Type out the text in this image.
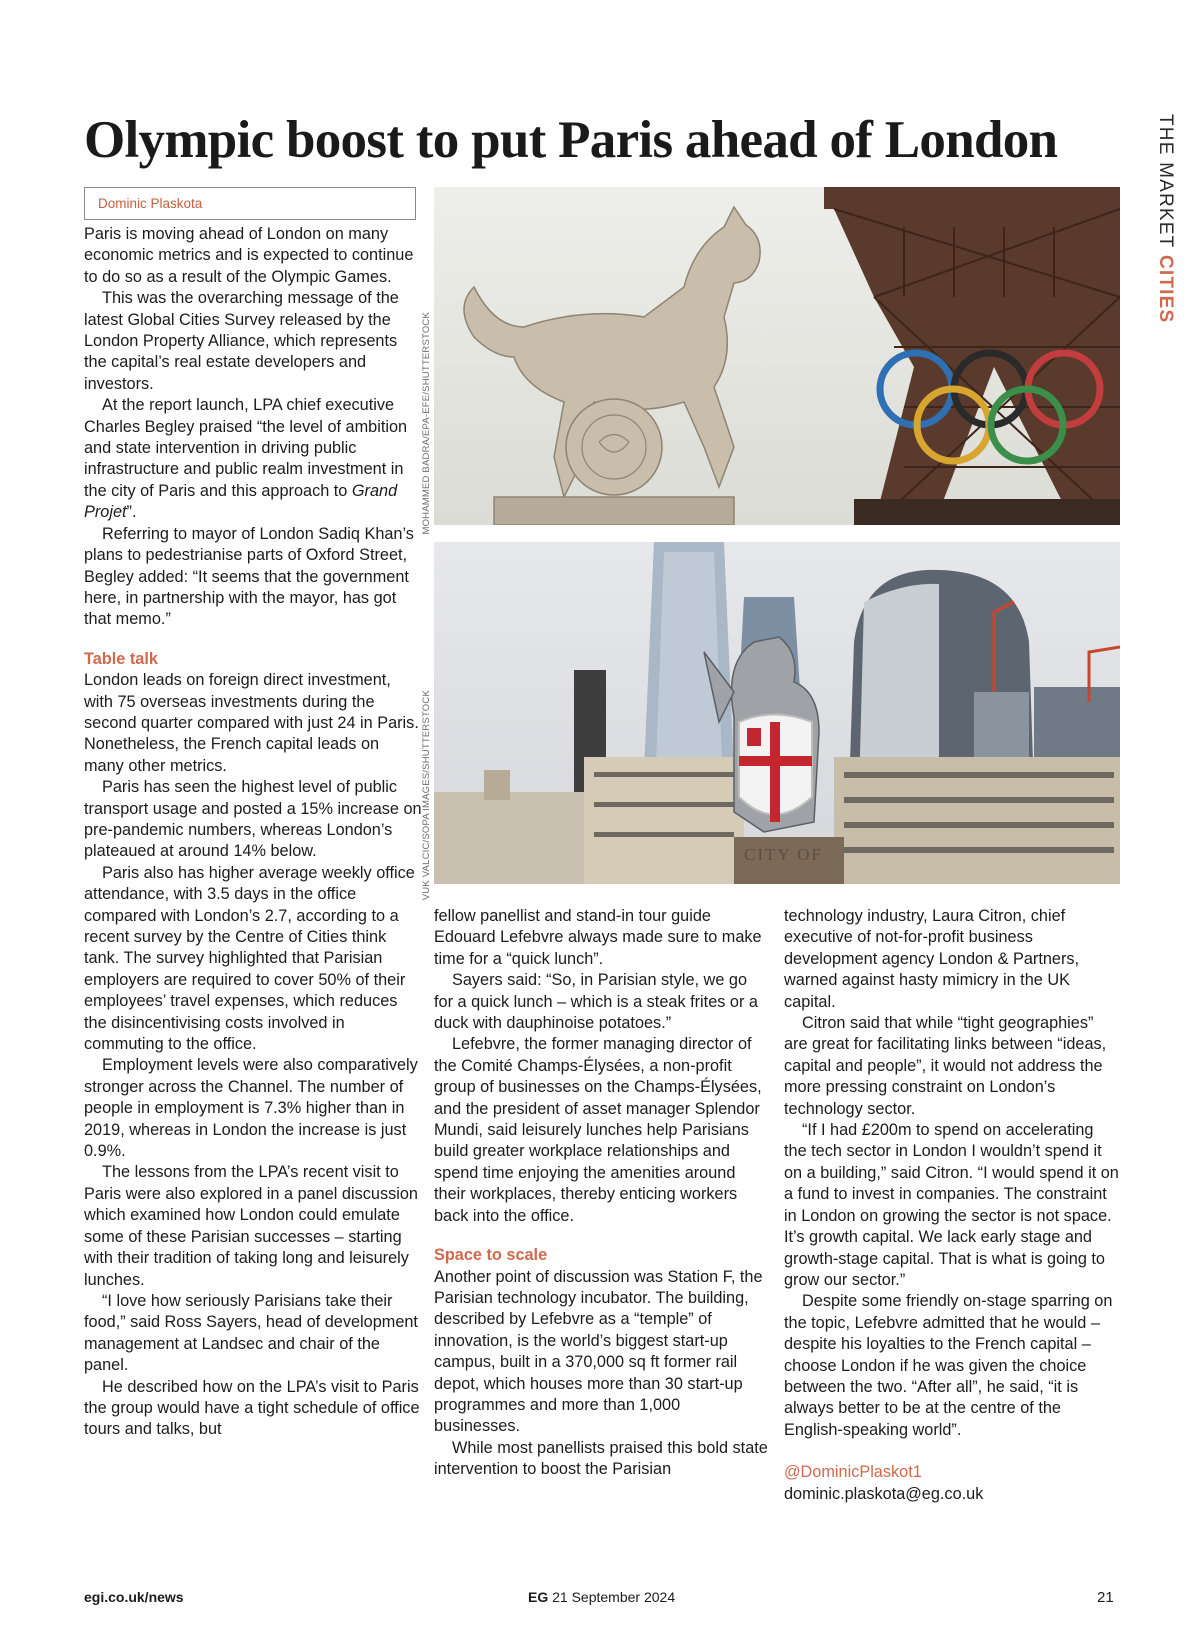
Olympic boost to put Paris ahead of London	THE MARKET CITIES
Dominic Plaskota

Paris is moving ahead of London on many economic metrics and is expected to continue to do so as a result of the Olympic Games.

This was the overarching message of the latest Global Cities Survey released by the London Property Alliance, which represents the capital’s real estate developers and investors.

At the report launch, LPA chief executive Charles Begley praised “the level of ambition and state intervention in driving public infrastructure and public realm investment in the city of Paris and this approach to Grand Projet”.

Referring to mayor of London Sadiq Khan’s plans to pedestrianise parts of Oxford Street, Begley added: “It seems that the government here, in partnership with the mayor, has got that memo.”

Table talk

London leads on foreign direct investment, with 75 overseas investments during the second quarter compared with just 24 in Paris. Nonetheless, the French capital leads on many other metrics.

Paris has seen the highest level of public transport usage and posted a 15% increase on pre-pandemic numbers, whereas London’s plateaued at around 14% below.

Paris also has higher average weekly office attendance, with 3.5 days in the office compared with London’s 2.7, according to a recent survey by the Centre of Cities think tank. The survey highlighted that Parisian employers are required to cover 50% of their employees’ travel expenses, which reduces the disincentivising costs involved in commuting to the office.

Employment levels were also comparatively stronger across the Channel. The number of people in employment is 7.3% higher than in 2019, whereas in London the increase is just 0.9%.

The lessons from the LPA’s recent visit to Paris were also explored in a panel discussion which examined how London could emulate some of these Parisian successes – starting with their tradition of taking long and leisurely lunches.

“I love how seriously Parisians take their food,” said Ross Sayers, head of development management at Landsec and chair of the panel.

He described how on the LPA’s visit to Paris the group would have a tight schedule of office tours and talks, but

MOHAMMED BADRA/EPA-EFE/SHUTTERSTOCK
VUK VALCIC/SOPA IMAGES/SHUTTERSTOCK	CITY OF

fellow panellist and stand-in tour guide Edouard Lefebvre always made sure to make time for a “quick lunch”.

Sayers said: “So, in Parisian style, we go for a quick lunch – which is a steak frites or a duck with dauphinoise potatoes.”

Lefebvre, the former managing director of the Comité Champs-Élysées, a non-profit group of businesses on the Champs-Élysées, and the president of asset manager Splendor Mundi, said leisurely lunches help Parisians build greater workplace relationships and spend time enjoying the amenities around their workplaces, thereby enticing workers back into the office.

Space to scale

Another point of discussion was Station F, the Parisian technology incubator. The building, described by Lefebvre as a “temple” of innovation, is the world’s biggest start-up campus, built in a 370,000 sq ft former rail depot, which houses more than 30 start-up programmes and more than 1,000 businesses.

While most panellists praised this bold state intervention to boost the Parisian

technology industry, Laura Citron, chief executive of not-for-profit business development agency London & Partners, warned against hasty mimicry in the UK capital.

Citron said that while “tight geographies” are great for facilitating links between “ideas, capital and people”, it would not address the more pressing constraint on London’s technology sector.

“If I had £200m to spend on accelerating the tech sector in London I wouldn’t spend it on a building,” said Citron. “I would spend it on a fund to invest in companies. The constraint in London on growing the sector is not space. It’s growth capital. We lack early stage and growth-stage capital. That is what is going to grow our sector.”

Despite some friendly on-stage sparring on the topic, Lefebvre admitted that he would – despite his loyalties to the French capital – choose London if he was given the choice between the two. “After all”, he said, “it is always better to be at the centre of the English-speaking world”.

@DominicPlaskot1

dominic.plaskota@eg.co.uk

egi.co.uk/news	EG 21 September 2024	21
